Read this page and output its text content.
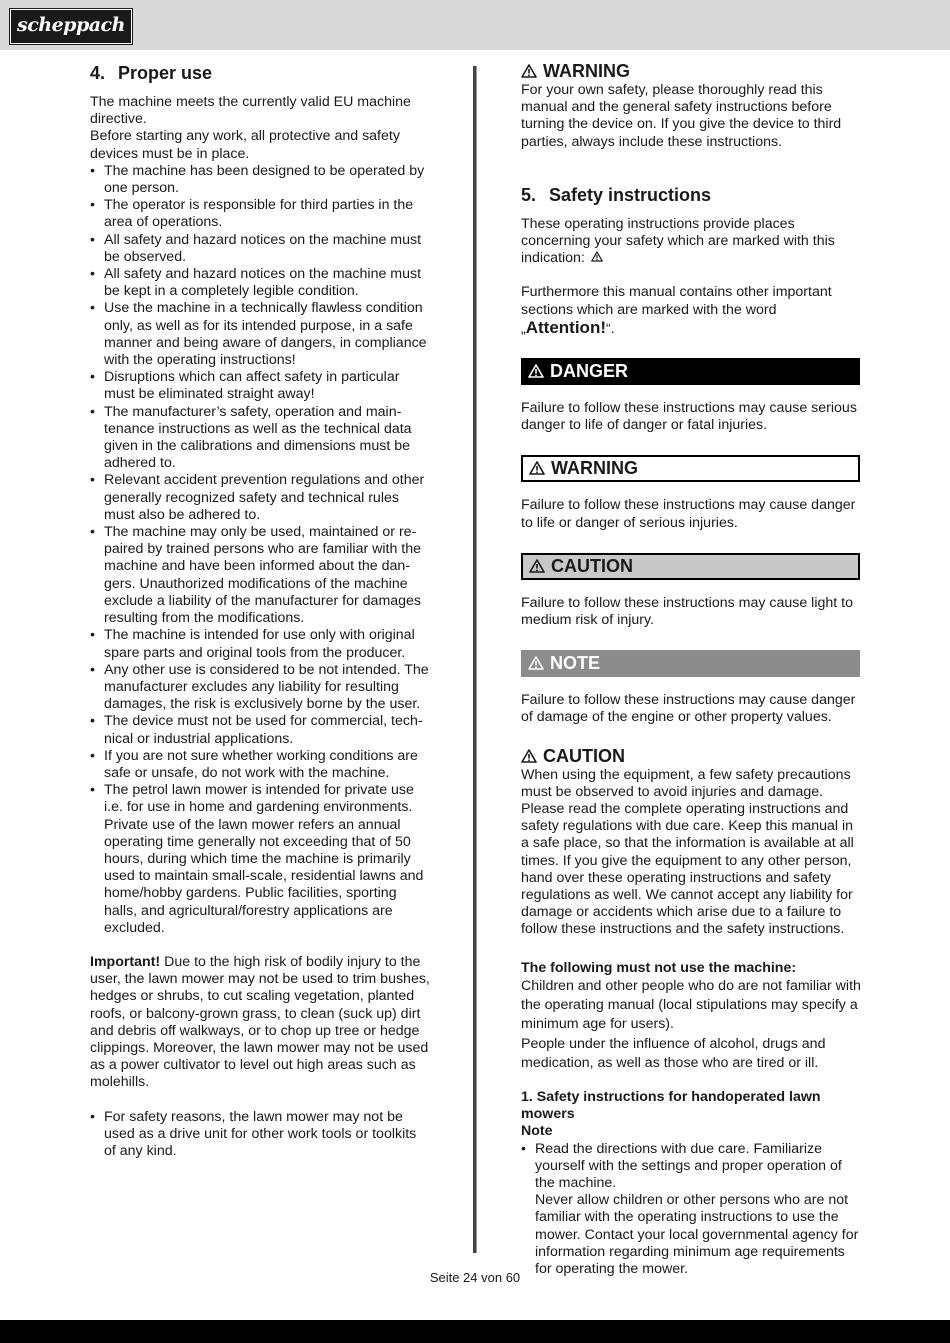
scheppach
4. Proper use

The machine meets the currently valid EU machine directive.

Before starting any work, all protective and safety devices must be in place.

• The machine has been designed to be operated by one person.
• The operator is responsible for third parties in the area of operations.
• All safety and hazard notices on the machine must be observed.
• All safety and hazard notices on the machine must be kept in a completely legible condition.
• Use the machine in a technically flawless condition only, as well as for its intended purpose, in a safe manner and being aware of dangers, in compliance with the operating instructions!
• Disruptions which can affect safety in particular must be eliminated straight away!
• The manufacturer’s safety, operation and maintenance instructions as well as the technical data given in the calibrations and dimensions must be adhered to.
• Relevant accident prevention regulations and other generally recognized safety and technical rules must also be adhered to.
• The machine may only be used, maintained or repaired by trained persons who are familiar with the machine and have been informed about the dangers. Unauthorized modifications of the machine exclude a liability of the manufacturer for damages resulting from the modifications.
• The machine is intended for use only with original spare parts and original tools from the producer.
• Any other use is considered to be not intended. The manufacturer excludes any liability for resulting damages, the risk is exclusively borne by the user.
• The device must not be used for commercial, technical or industrial applications.
• If you are not sure whether working conditions are safe or unsafe, do not work with the machine.
• The petrol lawn mower is intended for private use i.e. for use in home and gardening environments. Private use of the lawn mower refers an annual operating time generally not exceeding that of 50 hours, during which time the machine is primarily used to maintain small-scale, residential lawns and home/hobby gardens. Public facilities, sporting halls, and agricultural/forestry applications are excluded.

Important! Due to the high risk of bodily injury to the user, the lawn mower may not be used to trim bushes, hedges or shrubs, to cut scaling vegetation, planted roofs, or balcony-grown grass, to clean (suck up) dirt and debris off walkways, or to chop up tree or hedge clippings. Moreover, the lawn mower may not be used as a power cultivator to level out high areas such as molehills.

• For safety reasons, the lawn mower may not be used as a drive unit for other work tools or toolkits of any kind.
WARNING

For your own safety, please thoroughly read this manual and the general safety instructions before turning the device on. If you give the device to third parties, always include these instructions.

5. Safety instructions

These operating instructions provide places concerning your safety which are marked with this indication:

Furthermore this manual contains other important sections which are marked with the word „Attention!“.

DANGER

Failure to follow these instructions may cause serious danger to life of danger or fatal injuries.

WARNING

Failure to follow these instructions may cause danger to life or danger of serious injuries.

CAUTION

Failure to follow these instructions may cause light to medium risk of injury.

NOTE

Failure to follow these instructions may cause danger of damage of the engine or other property values.

CAUTION

When using the equipment, a few safety precautions must be observed to avoid injuries and damage. Please read the complete operating instructions and safety regulations with due care. Keep this manual in a safe place, so that the information is available at all times. If you give the equipment to any other person, hand over these operating instructions and safety regulations as well. We cannot accept any liability for damage or accidents which arise due to a failure to follow these instructions and the safety instructions.

The following must not use the machine:

Children and other people who do are not familiar with the operating manual (local stipulations may specify a minimum age for users).

People under the influence of alcohol, drugs and medication, as well as those who are tired or ill.

1. Safety instructions for handoperated lawn mowers

Note

• Read the directions with due care. Familiarize yourself with the settings and proper operation of the machine.
Never allow children or other persons who are not familiar with the operating instructions to use the mower. Contact your local governmental agency for information regarding minimum age requirements for operating the mower.
Seite 24 von 60
